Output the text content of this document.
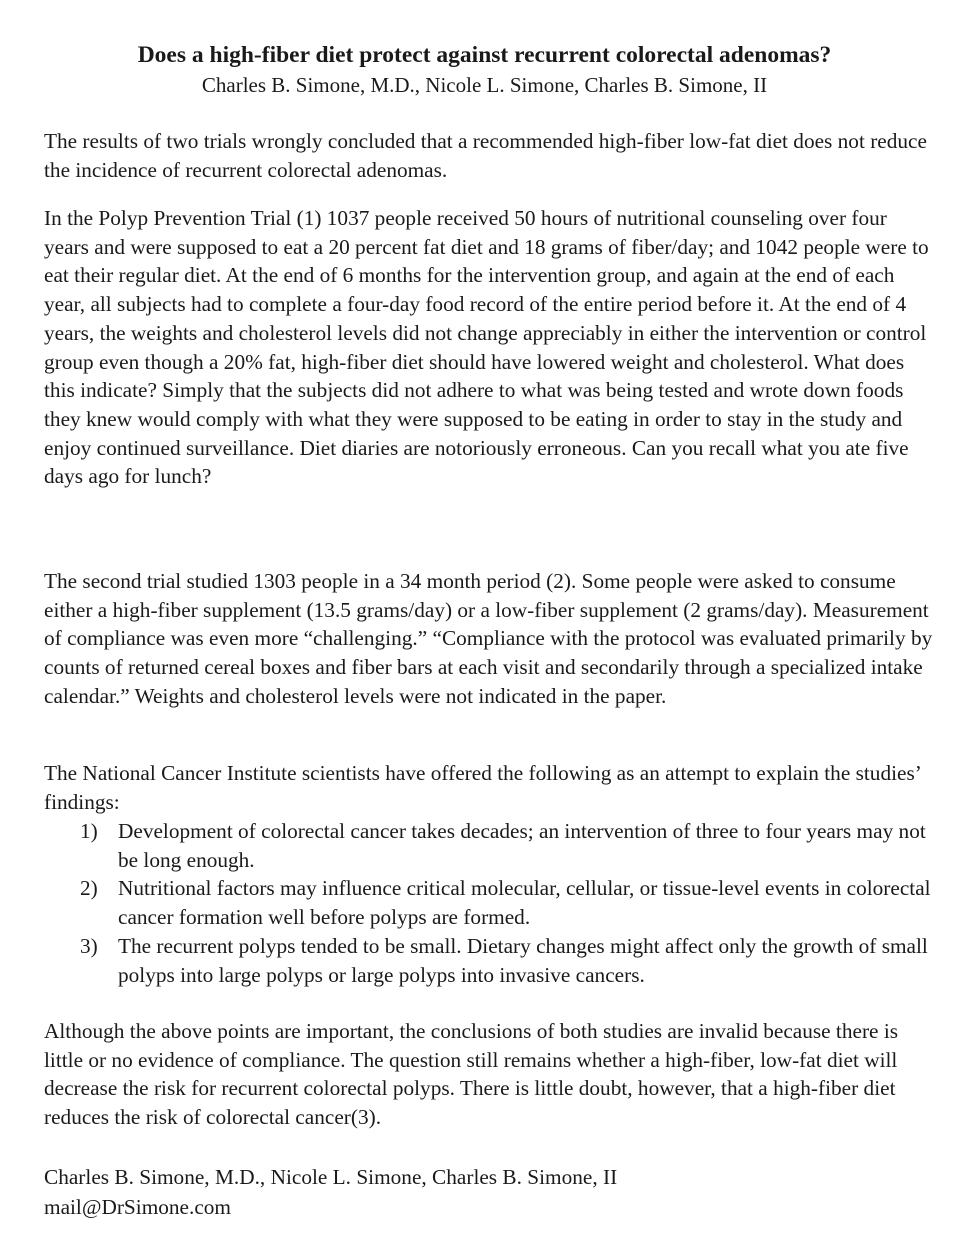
Does a high-fiber diet protect against recurrent colorectal adenomas?

Charles B. Simone, M.D., Nicole L. Simone, Charles B. Simone, II

The results of two trials wrongly concluded that a recommended high-fiber low-fat diet does not reduce the incidence of recurrent colorectal adenomas.

In the Polyp Prevention Trial (1) 1037 people received 50 hours of nutritional counseling over four years and were supposed to eat a 20 percent fat diet and 18 grams of fiber/day; and 1042 people were to eat their regular diet. At the end of 6 months for the intervention group, and again at the end of each year, all subjects had to complete a four-day food record of the entire period before it. At the end of 4 years, the weights and cholesterol levels did not change appreciably in either the intervention or control group even though a 20% fat, high-fiber diet should have lowered weight and cholesterol. What does this indicate? Simply that the subjects did not adhere to what was being tested and wrote down foods they knew would comply with what they were supposed to be eating in order to stay in the study and enjoy continued surveillance. Diet diaries are notoriously erroneous. Can you recall what you ate five days ago for lunch?

The second trial studied 1303 people in a 34 month period (2). Some people were asked to consume either a high-fiber supplement (13.5 grams/day) or a low-fiber supplement (2 grams/day). Measurement of compliance was even more “challenging.” “Compliance with the protocol was evaluated primarily by counts of returned cereal boxes and fiber bars at each visit and secondarily through a specialized intake calendar.” Weights and cholesterol levels were not indicated in the paper.

The National Cancer Institute scientists have offered the following as an attempt to explain the studies’ findings:

1) Development of colorectal cancer takes decades; an intervention of three to four years may not be long enough.
2) Nutritional factors may influence critical molecular, cellular, or tissue-level events in colorectal cancer formation well before polyps are formed.
3) The recurrent polyps tended to be small. Dietary changes might affect only the growth of small polyps into large polyps or large polyps into invasive cancers.

Although the above points are important, the conclusions of both studies are invalid because there is little or no evidence of compliance. The question still remains whether a high-fiber, low-fat diet will decrease the risk for recurrent colorectal polyps. There is little doubt, however, that a high-fiber diet reduces the risk of colorectal cancer(3).

Charles B. Simone, M.D., Nicole L. Simone, Charles B. Simone, II

mail@DrSimone.com
